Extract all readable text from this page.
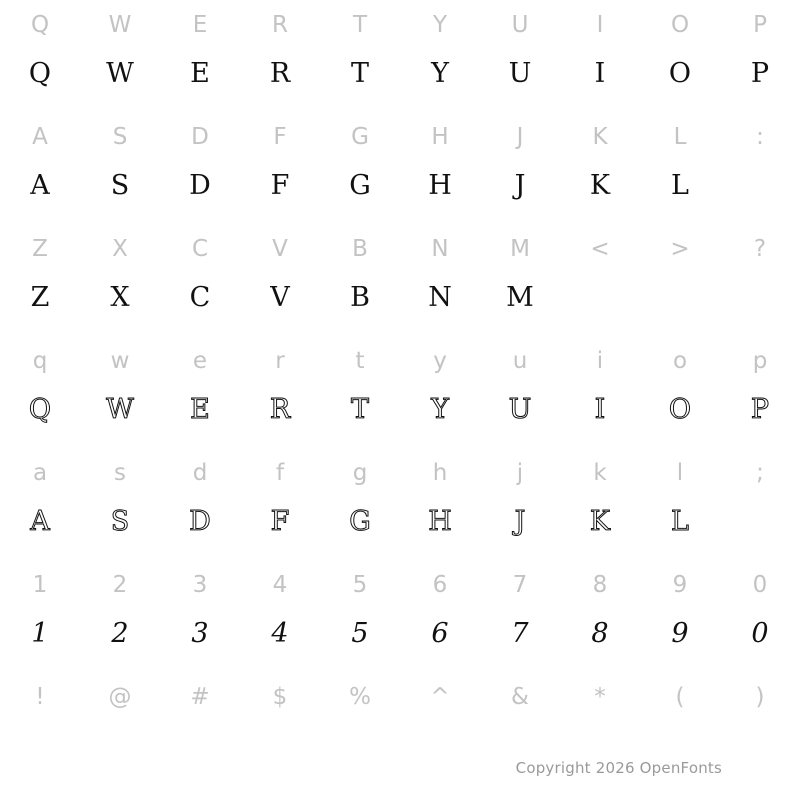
Q	W	E	R	T	Y	U	I	O	P
Q	W	E	R	T	Y	U	I	O	P
A	S	D	F	G	H	J	K	L	:
A	S	D	F	G	H	J	K	L
Z	X	C	V	B	N	M	<	>	?
Z	X	C	V	B	N	M
q	w	e	r	t	y	u	i	o	p
Q	W	E	R	T	Y	U	I	O	P
a	s	d	f	g	h	j	k	l	;
A	S	D	F	G	H	J	K	L
1	2	3	4	5	6	7	8	9	0
1	2	3	4	5	6	7	8	9	0
!	@	#	$	%	^	&	*	(	)
Copyright 2026 OpenFonts
